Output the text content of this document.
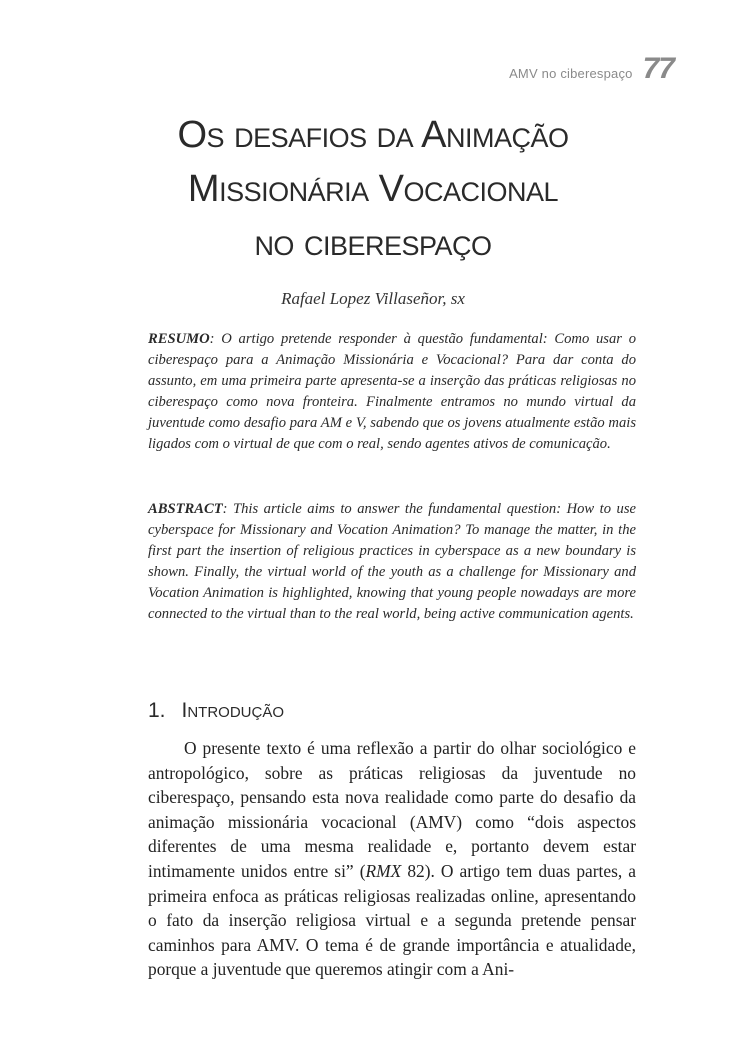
AMV no ciberespaço 77
Os desafios da Animação
Missionária Vocacional
no ciberespaço
Rafael Lopez Villaseñor, sx

RESUMO: O artigo pretende responder à questão fundamental: Como usar o ciberespaço para a Animação Missionária e Vocacional? Para dar conta do assunto, em uma primeira parte apresenta-se a inserção das práticas religiosas no ciberespaço como nova fronteira. Finalmente entramos no mundo virtual da juventude como desafio para AM e V, sabendo que os jovens atualmente estão mais ligados com o virtual de que com o real, sendo agentes ativos de comunicação.

ABSTRACT: This article aims to answer the fundamental question: How to use cyberspace for Missionary and Vocation Animation? To manage the matter, in the first part the insertion of religious practices in cyberspace as a new boundary is shown. Finally, the virtual world of the youth as a challenge for Missionary and Vocation Animation is highlighted, knowing that young people nowadays are more connected to the virtual than to the real world, being active communication agents.

1. Introdução

O presente texto é uma reflexão a partir do olhar sociológico e antropológico, sobre as práticas religiosas da juventude no ciberespaço, pensando esta nova realidade como parte do desafio da animação missionária vocacional (AMV) como “dois aspectos diferentes de uma mesma realidade e, portanto devem estar intimamente unidos entre si” (RMX 82). O artigo tem duas partes, a primeira enfoca as práticas religiosas realizadas online, apresentando o fato da inserção religiosa virtual e a segunda pretende pensar caminhos para AMV. O tema é de grande importância e atualidade, porque a juventude que queremos atingir com a Ani-
